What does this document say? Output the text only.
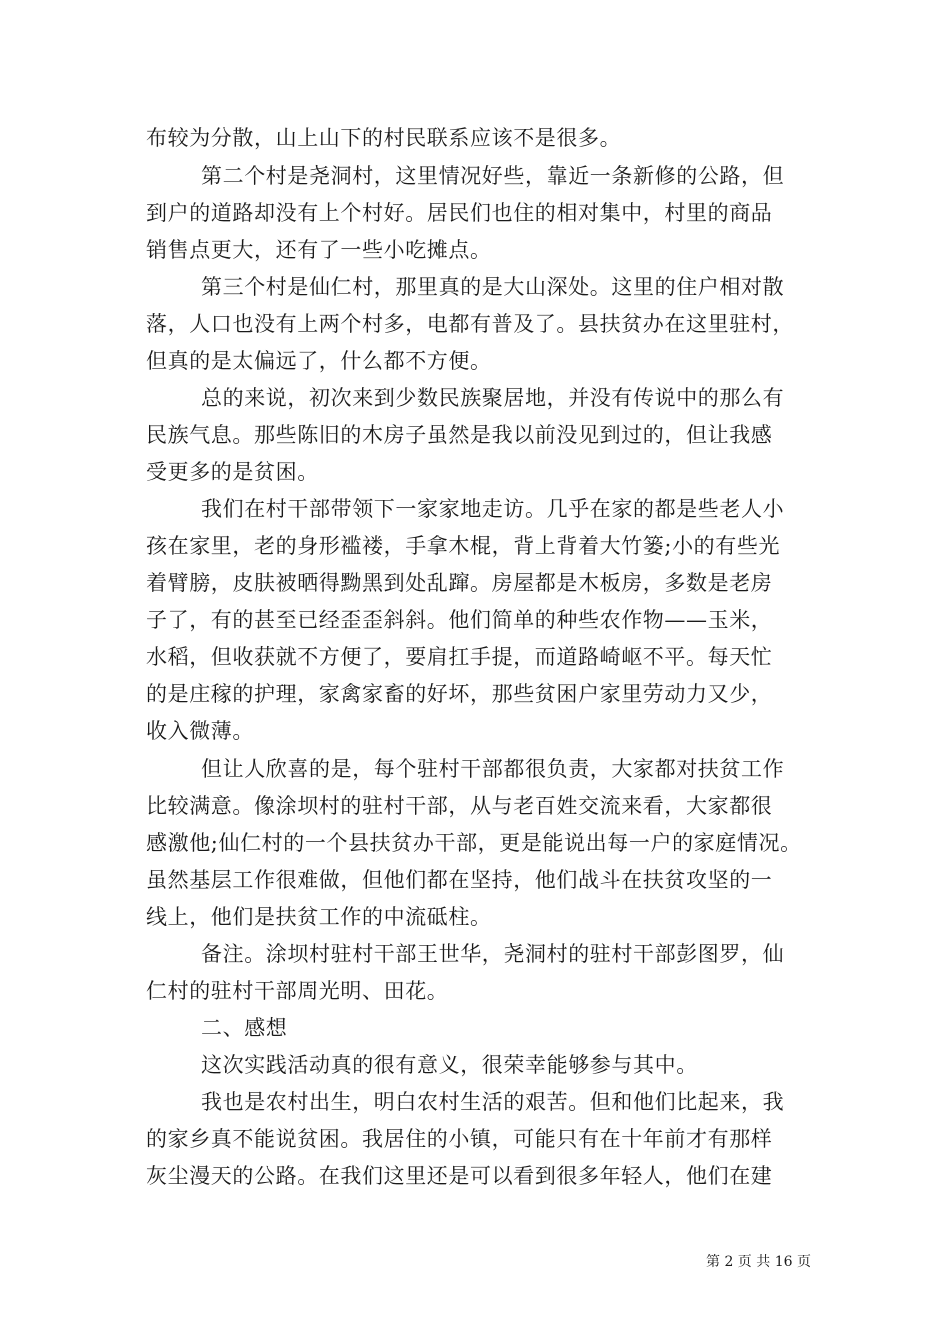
布较为分散，山上山下的村民联系应该不是很多。
第二个村是尧洞村，这里情况好些，靠近一条新修的公路，但
到户的道路却没有上个村好。居民们也住的相对集中，村里的商品
销售点更大，还有了一些小吃摊点。
第三个村是仙仁村，那里真的是大山深处。这里的住户相对散
落，人口也没有上两个村多，电都有普及了。县扶贫办在这里驻村，
但真的是太偏远了，什么都不方便。
总的来说，初次来到少数民族聚居地，并没有传说中的那么有
民族气息。那些陈旧的木房子虽然是我以前没见到过的，但让我感
受更多的是贫困。
我们在村干部带领下一家家地走访。几乎在家的都是些老人小
孩在家里，老的身形褴褛，手拿木棍，背上背着大竹篓;小的有些光
着臂膀，皮肤被晒得黝黑到处乱蹿。房屋都是木板房，多数是老房
子了，有的甚至已经歪歪斜斜。他们简单的种些农作物——玉米，
水稻，但收获就不方便了，要肩扛手提，而道路崎岖不平。每天忙
的是庄稼的护理，家禽家畜的好坏，那些贫困户家里劳动力又少，
收入微薄。
但让人欣喜的是，每个驻村干部都很负责，大家都对扶贫工作
比较满意。像涂坝村的驻村干部，从与老百姓交流来看，大家都很
感激他;仙仁村的一个县扶贫办干部，更是能说出每一户的家庭情况。
虽然基层工作很难做，但他们都在坚持，他们战斗在扶贫攻坚的一
线上，他们是扶贫工作的中流砥柱。
备注。涂坝村驻村干部王世华，尧洞村的驻村干部彭图罗，仙
仁村的驻村干部周光明、田花。
二、感想
这次实践活动真的很有意义，很荣幸能够参与其中。
我也是农村出生，明白农村生活的艰苦。但和他们比起来，我
的家乡真不能说贫困。我居住的小镇，可能只有在十年前才有那样
灰尘漫天的公路。在我们这里还是可以看到很多年轻人，他们在建
第 2 页 共 16 页
